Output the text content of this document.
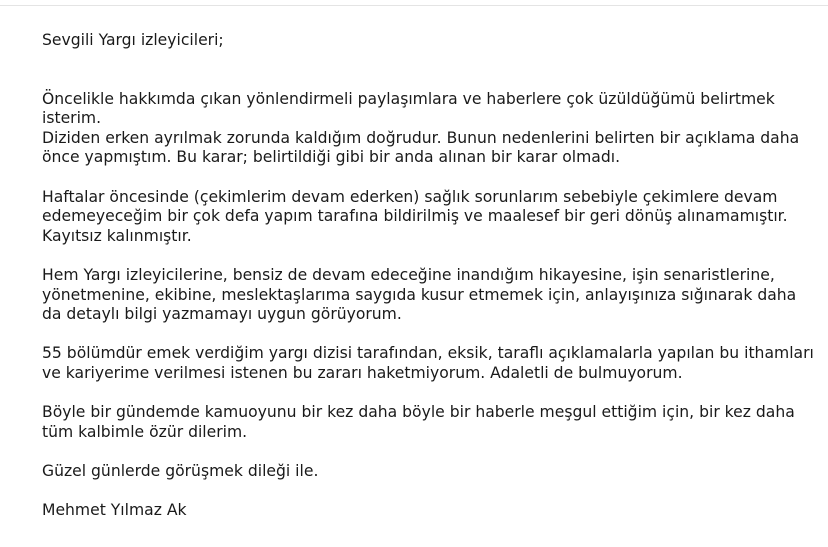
Sevgili Yargı izleyicileri;

Öncelikle hakkımda çıkan yönlendirmeli paylaşımlara ve haberlere çok üzüldüğümü belirtmek
isterim.
Diziden erken ayrılmak zorunda kaldığım doğrudur. Bunun nedenlerini belirten bir açıklama daha
önce yapmıştım. Bu karar; belirtildiği gibi bir anda alınan bir karar olmadı.

Haftalar öncesinde (çekimlerim devam ederken) sağlık sorunlarım sebebiyle çekimlere devam
edemeyeceğim bir çok defa yapım tarafına bildirilmiş ve maalesef bir geri dönüş alınamamıştır.
Kayıtsız kalınmıştır.

Hem Yargı izleyicilerine, bensiz de devam edeceğine inandığım hikayesine, işin senaristlerine,
yönetmenine, ekibine, meslektaşlarıma saygıda kusur etmemek için, anlayışınıza sığınarak daha
da detaylı bilgi yazmamayı uygun görüyorum.

55 bölümdür emek verdiğim yargı dizisi tarafından, eksik, taraflı açıklamalarla yapılan bu ithamları
ve kariyerime verilmesi istenen bu zararı haketmiyorum. Adaletli de bulmuyorum.

Böyle bir gündemde kamuoyunu bir kez daha böyle bir haberle meşgul ettiğim için, bir kez daha
tüm kalbimle özür dilerim.

Güzel günlerde görüşmek dileği ile.

Mehmet Yılmaz Ak
